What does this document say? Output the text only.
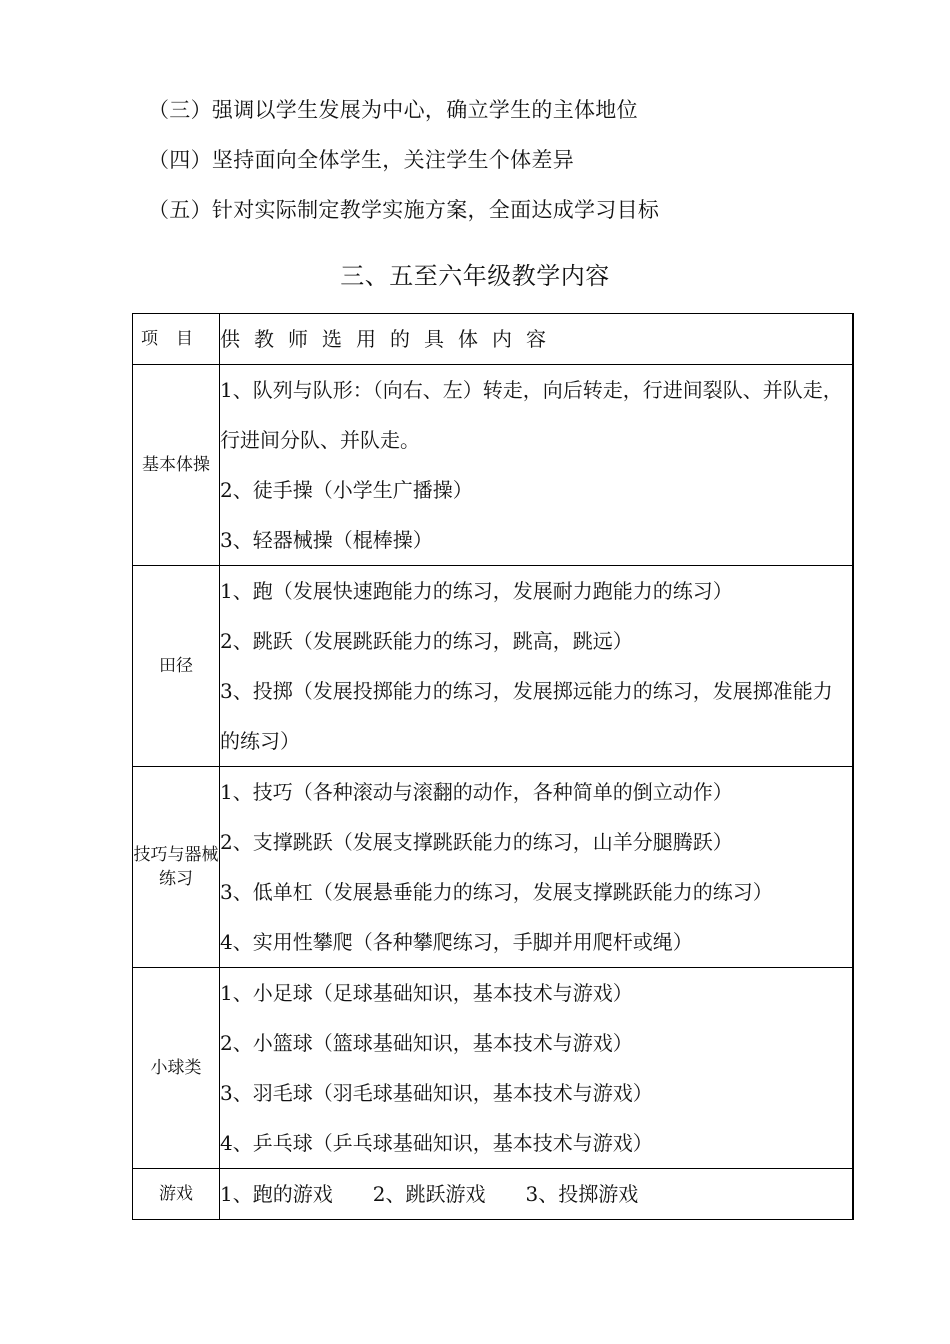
（三）强调以学生发展为中心，确立学生的主体地位
（四）坚持面向全体学生，关注学生个体差异
（五）针对实际制定教学实施方案，全面达成学习目标
三、五至六年级教学内容
项目	供教师选用的具体内容
基本体操	1、队列与队形：（向右、左）转走，向后转走，行进间裂队、并队走，行进间分队、并队走。
2、徒手操（小学生广播操）
3、轻器械操（棍棒操）

田径	1、跑（发展快速跑能力的练习，发展耐力跑能力的练习）
2、跳跃（发展跳跃能力的练习，跳高，跳远）
3、投掷（发展投掷能力的练习，发展掷远能力的练习，发展掷准能力的练习）

技巧与器械练习	1、技巧（各种滚动与滚翻的动作，各种简单的倒立动作）
2、支撑跳跃（发展支撑跳跃能力的练习，山羊分腿腾跃）
3、低单杠（发展悬垂能力的练习，发展支撑跳跃能力的练习）
4、实用性攀爬（各种攀爬练习，手脚并用爬杆或绳）

小球类	1、小足球（足球基础知识，基本技术与游戏）
2、小篮球（篮球基础知识，基本技术与游戏）
3、羽毛球（羽毛球基础知识，基本技术与游戏）
4、乒乓球（乒乓球基础知识，基本技术与游戏）

游戏	1、跑的游戏 2、跳跃游戏 3、投掷游戏
